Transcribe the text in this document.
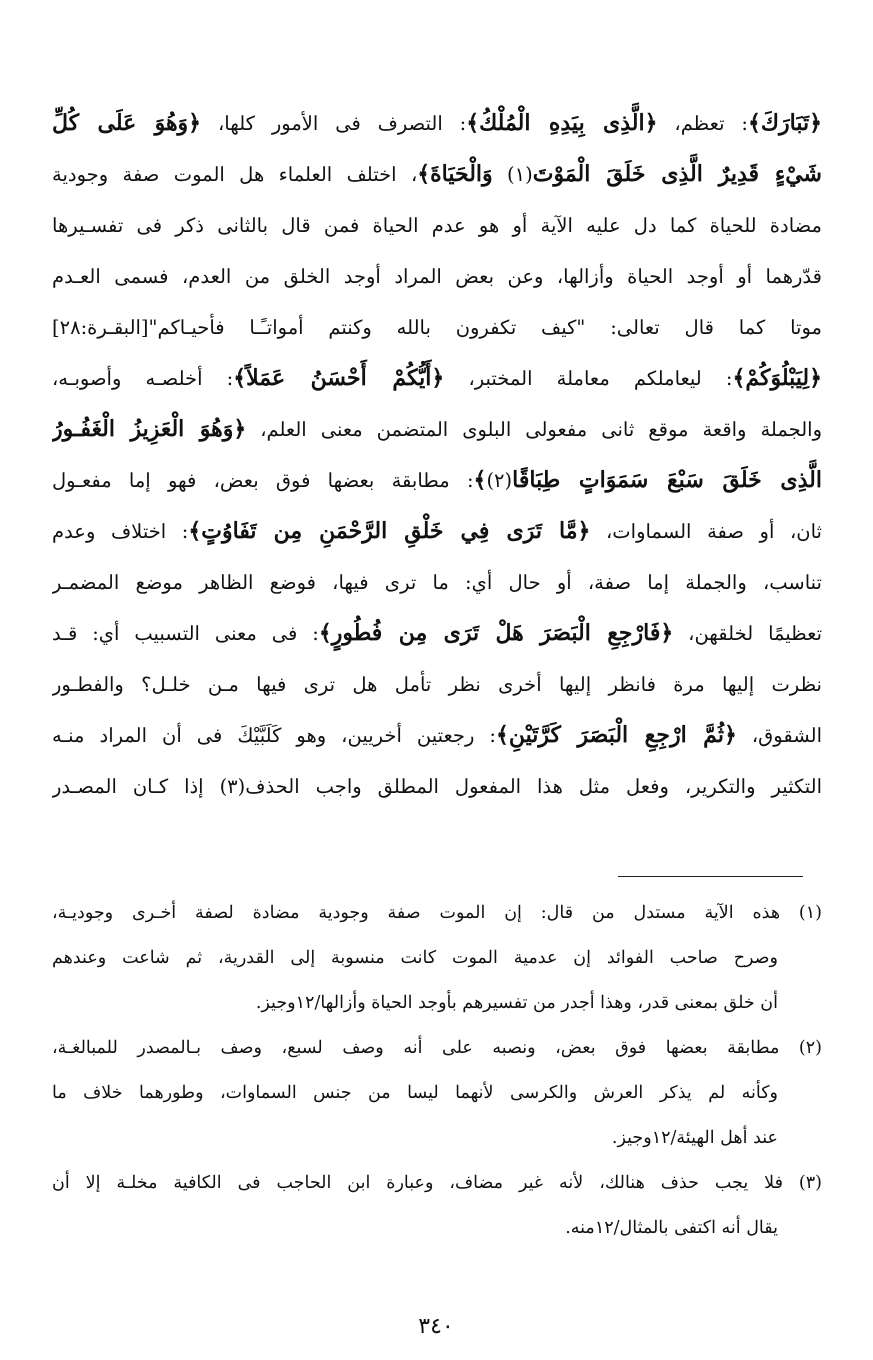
﴿تَبَارَكَ﴾: تعظم، ﴿الَّذِى بِيَدِهِ الْمُلْكُ﴾: التصرف فى الأمور كلها، ﴿وَهُوَ عَلَى كُلِّ
شَيْءٍ قَدِيرٌ الَّذِى خَلَقَ الْمَوْتَ(١) وَالْحَيَاةَ﴾، اختلف العلماء هل الموت صفة وجودية
مضادة للحياة كما دل عليه الآية أو هو عدم الحياة فمن قال بالثانى ذكر فى تفسـيرها
قدّرهما أو أوجد الحياة وأزالها، وعن بعض المراد أوجد الخلق من العدم، فسمى العـدم
موتا كما قال تعالى: "كيف تكفرون بالله وكنتم أمواتـًـا فأحيـاكم"[البقـرة:٢٨]
﴿لِيَبْلُوَكُمْ﴾: ليعاملكم معاملة المختبر، ﴿أَيُّكُمْ أَحْسَنُ عَمَلاً﴾: أخلصـه وأصوبـه،
والجملة واقعة موقع ثانى مفعولى البلوى المتضمن معنى العلم، ﴿وَهُوَ الْعَزِيزُ الْغَفُـورُ
الَّذِى خَلَقَ سَبْعَ سَمَوَاتٍ طِبَاقًا(٢)﴾: مطابقة بعضها فوق بعض، فهو إما مفعـول
ثان، أو صفة السماوات، ﴿مَّا تَرَى فِي خَلْقِ الرَّحْمَنِ مِن تَفَاوُتٍ﴾: اختلاف وعدم
تناسب، والجملة إما صفة، أو حال أي: ما ترى فيها، فوضع الظاهر موضع المضمـر
تعظيمًا لخلقهن، ﴿فَارْجِعِ الْبَصَرَ هَلْ تَرَى مِن فُطُورٍ﴾: فى معنى التسبيب أي: قـد
نظرت إليها مرة فانظر إليها أخرى نظر تأمل هل ترى فيها مـن خلـل؟ والفطـور
الشقوق، ﴿ثُمَّ ارْجِعِ الْبَصَرَ كَرَّتَيْنِ﴾: رجعتين أخريين، وهو كَلَبَّيْكَ فى أن المراد منـه
التكثير والتكرير، وفعل مثل هذا المفعول المطلق واجب الحذف(٣) إذا كـان المصـدر
(١) هذه الآية مستدل من قال: إن الموت صفة وجودية مضادة لصفة أخـرى وجوديـة،
وصرح صاحب الفوائد إن عدمية الموت كانت منسوبة إلى القدرية، ثم شاعت وعندهم
أن خلق بمعنى قدر، وهذا أجدر من تفسيرهم بأوجد الحياة وأزالها/١٢وجيز.
(٢) مطابقة بعضها فوق بعض، ونصبه على أنه وصف لسبع، وصف بـالمصدر للمبالغـة،
وكأنه لم يذكر العرش والكرسى لأنهما ليسا من جنس السماوات، وطورهما خلاف ما
عند أهل الهيئة/١٢وجيز.
(٣) فلا يجب حذف هنالك، لأنه غير مضاف، وعبارة ابن الحاجب فى الكافية مخلـة إلا أن
يقال أنه اكتفى بالمثال/١٢منه.
٣٤٠
